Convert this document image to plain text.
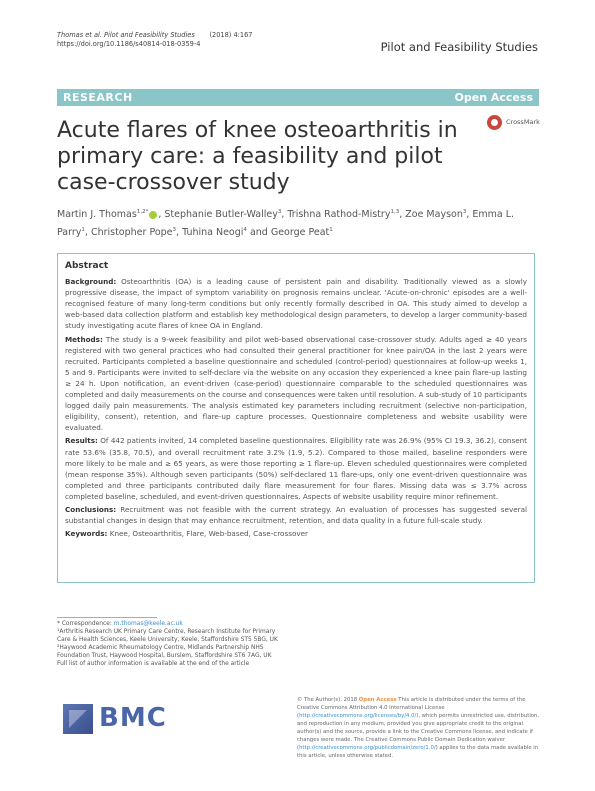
Thomas et al. Pilot and Feasibility Studies (2018) 4:167
https://doi.org/10.1186/s40814-018-0359-4	Pilot and Feasibility Studies
RESEARCH	Open Access
Acute flares of knee osteoarthritis in primary care: a feasibility and pilot case-crossover study
CrossMark
Martin J. Thomas$^{1,2*}$ , Stephanie Butler-Walley$^3$, Trishna Rathod-Mistry$^{1,3}$, Zoe Mayson$^3$, Emma L. Parry$^1$, Christopher Pope$^3$, Tuhina Neogi$^4$ and George Peat$^1$
Abstract

Background: Osteoarthritis (OA) is a leading cause of persistent pain and disability. Traditionally viewed as a slowly progressive disease, the impact of symptom variability on prognosis remains unclear. 'Acute-on-chronic' episodes are a well-recognised feature of many long-term conditions but only recently formally described in OA. This study aimed to develop a web-based data collection platform and establish key methodological design parameters, to develop a larger community-based study investigating acute flares of knee OA in England.

Methods: The study is a 9-week feasibility and pilot web-based observational case-crossover study. Adults aged ≥ 40 years registered with two general practices who had consulted their general practitioner for knee pain/OA in the last 2 years were recruited. Participants completed a baseline questionnaire and scheduled (control-period) questionnaires at follow-up weeks 1, 5 and 9. Participants were invited to self-declare via the website on any occasion they experienced a knee pain flare-up lasting ≥ 24 h. Upon notification, an event-driven (case-period) questionnaire comparable to the scheduled questionnaires was completed and daily measurements on the course and consequences were taken until resolution. A sub-study of 10 participants logged daily pain measurements. The analysis estimated key parameters including recruitment (selective non-participation, eligibility, consent), retention, and flare-up capture processes. Questionnaire completeness and website usability were evaluated.

Results: Of 442 patients invited, 14 completed baseline questionnaires. Eligibility rate was 26.9% (95% CI 19.3, 36.2), consent rate 53.6% (35.8, 70.5), and overall recruitment rate 3.2% (1.9, 5.2). Compared to those mailed, baseline responders were more likely to be male and ≥ 65 years, as were those reporting ≥ 1 flare-up. Eleven scheduled questionnaires were completed (mean response 35%). Although seven participants (50%) self-declared 11 flare-ups, only one event-driven questionnaire was completed and three participants contributed daily flare measurement for four flares. Missing data was ≤ 3.7% across completed baseline, scheduled, and event-driven questionnaires. Aspects of website usability require minor refinement.

Conclusions: Recruitment was not feasible with the current strategy. An evaluation of processes has suggested several substantial changes in design that may enhance recruitment, retention, and data quality in a future full-scale study.

Keywords: Knee, Osteoarthritis, Flare, Web-based, Case-crossover

* Correspondence: m.thomas@keele.ac.uk
¹Arthritis Research UK Primary Care Centre, Research Institute for Primary Care & Health Sciences, Keele University, Keele, Staffordshire ST5 5BG, UK
²Haywood Academic Rheumatology Centre, Midlands Partnership NHS Foundation Trust, Haywood Hospital, Burslem, Staffordshire ST6 7AG, UK
Full list of author information is available at the end of the article
BMC
© The Author(s). 2018 Open Access This article is distributed under the terms of the Creative Commons Attribution 4.0 International License (http://creativecommons.org/licenses/by/4.0/), which permits unrestricted use, distribution, and reproduction in any medium, provided you give appropriate credit to the original author(s) and the source, provide a link to the Creative Commons license, and indicate if changes were made. The Creative Commons Public Domain Dedication waiver (http://creativecommons.org/publicdomain/zero/1.0/) applies to the data made available in this article, unless otherwise stated.
